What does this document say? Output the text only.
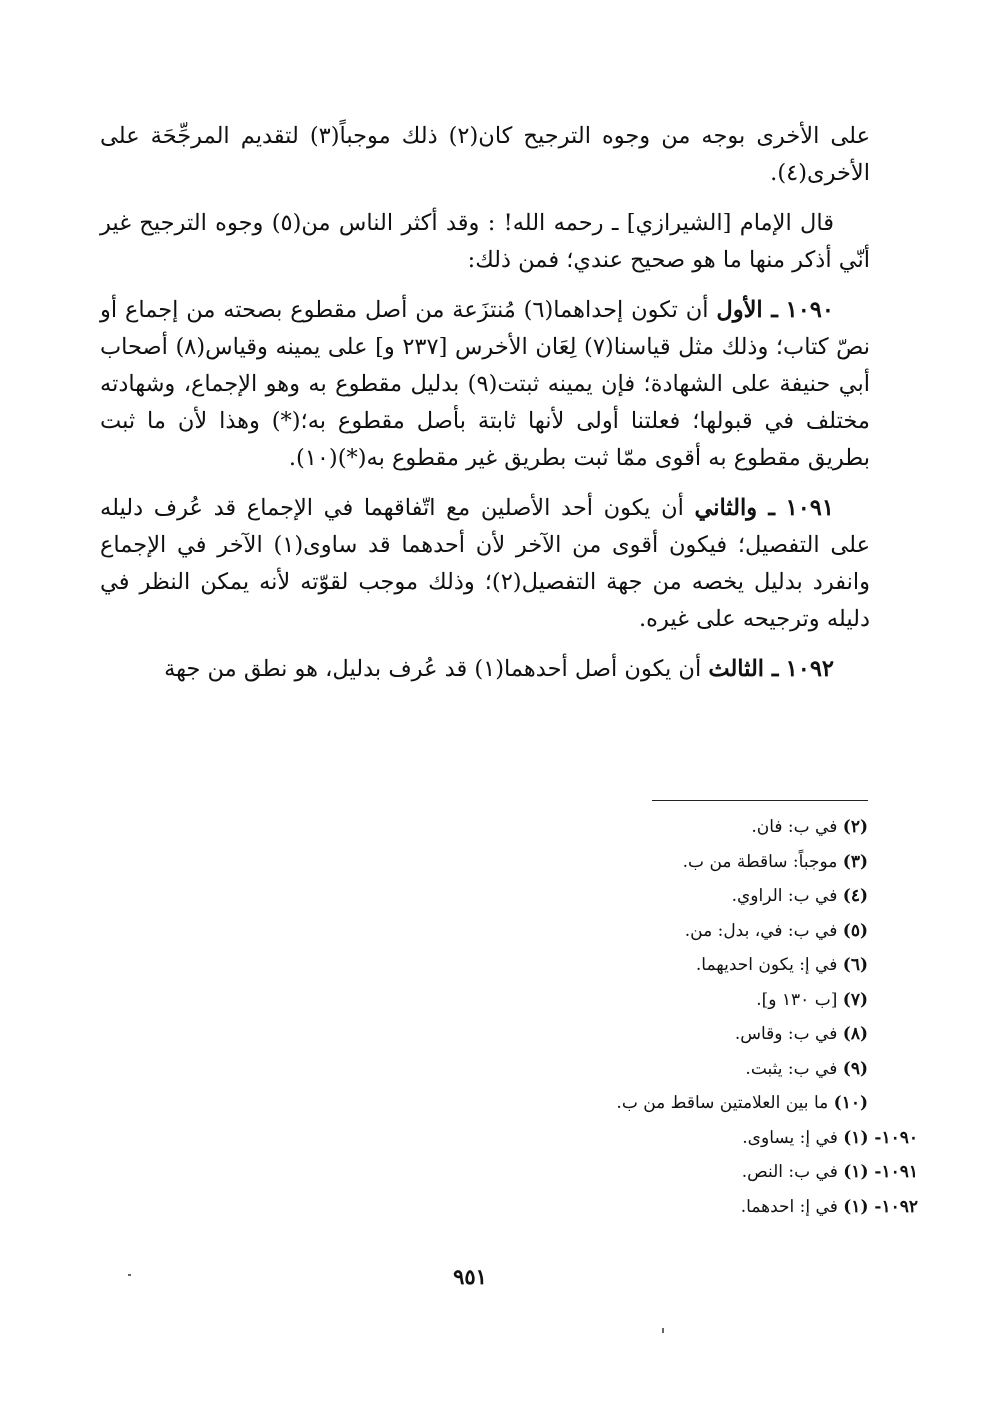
على الأخرى بوجه من وجوه الترجيح كان(٢) ذلك موجباً(٣) لتقديم المرجِّحَة على الأخرى(٤).

قال الإمام [الشيرازي] ـ رحمه الله! : وقد أكثر الناس من(٥) وجوه الترجيح غير أنّي أذكر منها ما هو صحيح عندي؛ فمن ذلك:

١٠٩٠ ـ الأول أن تكون إحداهما(٦) مُنتزَعة من أصل مقطوع بصحته من إجماع أو نصّ كتاب؛ وذلك مثل قياسنا(٧) لِعَان الأخرس [٢٣٧ و] على يمينه وقياس(٨) أصحاب أبي حنيفة على الشهادة؛ فإن يمينه ثبتت(٩) بدليل مقطوع به وهو الإجماع، وشهادته مختلف في قبولها؛ فعلتنا أولى لأنها ثابتة بأصل مقطوع به؛(*) وهذا لأن ما ثبت بطريق مقطوع به أقوى ممّا ثبت بطريق غير مقطوع به(*)(١٠).

١٠٩١ ـ والثاني أن يكون أحد الأصلين مع اتّفاقهما في الإجماع قد عُرف دليله على التفصيل؛ فيكون أقوى من الآخر لأن أحدهما قد ساوى(١) الآخر في الإجماع وانفرد بدليل يخصه من جهة التفصيل(٢)؛ وذلك موجب لقوّته لأنه يمكن النظر في دليله وترجيحه على غيره.

١٠٩٢ ـ الثالث أن يكون أصل أحدهما(١) قد عُرف بدليل، هو نطق من جهة

(٢) في ب: فان.
(٣) موجباً: ساقطة من ب.
(٤) في ب: الراوي.
(٥) في ب: في، بدل: من.
(٦) في إ: يكون احديهما.
(٧) [ب ١٣٠ و].
(٨) في ب: وقاس.
(٩) في ب: يثبت.
(١٠) ما بين العلامتين ساقط من ب.
١٠٩٠- (١) في إ: يساوى.
١٠٩١- (١) في ب: النص.
١٠٩٢- (١) في إ: احدهما.
٩٥١
